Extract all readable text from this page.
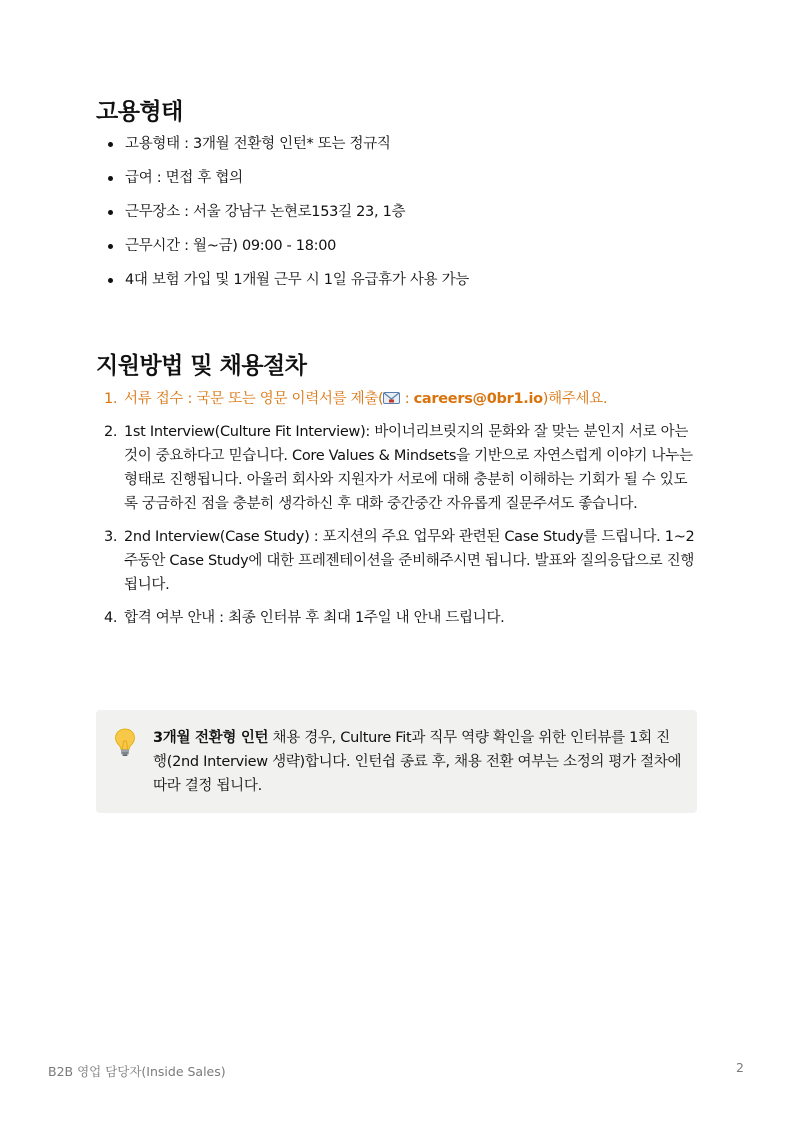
고용형태
고용형태 : 3개월 전환형 인턴* 또는 정규직
급여 : 면접 후 협의
근무장소 : 서울 강남구 논현로153길 23, 1층
근무시간 : 월~금) 09:00 - 18:00
4대 보험 가입 및 1개월 근무 시 1일 유급휴가 사용 가능
지원방법 및 채용절차
1. 서류 접수 : 국문 또는 영문 이력서를 제출( : careers@0br1.io)해주세요.
2. 1st Interview(Culture Fit Interview): 바이너리브릿지의 문화와 잘 맞는 분인지 서로 아는 것이 중요하다고 믿습니다. Core Values & Mindsets을 기반으로 자연스럽게 이야기 나누는 형태로 진행됩니다. 아울러 회사와 지원자가 서로에 대해 충분히 이해하는 기회가 될 수 있도록 궁금하진 점을 충분히 생각하신 후 대화 중간중간 자유롭게 질문주셔도 좋습니다.
3. 2nd Interview(Case Study) : 포지션의 주요 업무와 관련된 Case Study를 드립니다. 1~2주동안 Case Study에 대한 프레젠테이션을 준비해주시면 됩니다. 발표와 질의응답으로 진행됩니다.
4. 합격 여부 안내 : 최종 인터뷰 후 최대 1주일 내 안내 드립니다.
3개월 전환형 인턴 채용 경우, Culture Fit과 직무 역량 확인을 위한 인터뷰를 1회 진행(2nd Interview 생략)합니다. 인턴쉽 종료 후, 채용 전환 여부는 소정의 평가 절차에 따라 결정 됩니다.
B2B 영업 담당자(Inside Sales)	2
